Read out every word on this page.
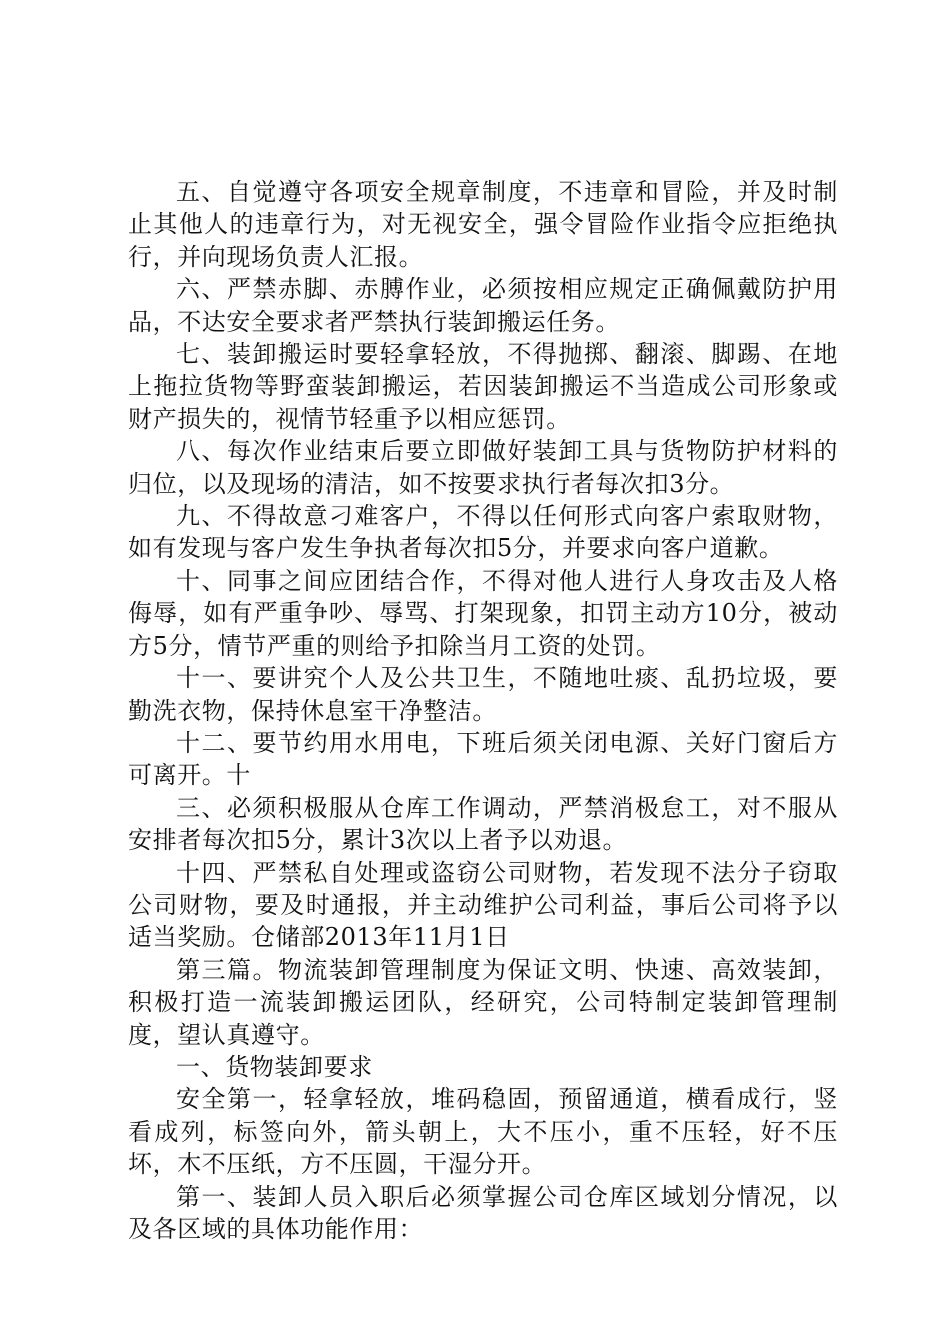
五、自觉遵守各项安全规章制度，不违章和冒险，并及时制止其他人的违章行为，对无视安全，强令冒险作业指令应拒绝执行，并向现场负责人汇报。

六、严禁赤脚、赤膊作业，必须按相应规定正确佩戴防护用品，不达安全要求者严禁执行装卸搬运任务。

七、装卸搬运时要轻拿轻放，不得抛掷、翻滚、脚踢、在地上拖拉货物等野蛮装卸搬运，若因装卸搬运不当造成公司形象或财产损失的，视情节轻重予以相应惩罚。

八、每次作业结束后要立即做好装卸工具与货物防护材料的归位，以及现场的清洁，如不按要求执行者每次扣3分。

九、不得故意刁难客户，不得以任何形式向客户索取财物，如有发现与客户发生争执者每次扣5分，并要求向客户道歉。

十、同事之间应团结合作，不得对他人进行人身攻击及人格侮辱，如有严重争吵、辱骂、打架现象，扣罚主动方10分，被动方5分，情节严重的则给予扣除当月工资的处罚。

十一、要讲究个人及公共卫生，不随地吐痰、乱扔垃圾，要勤洗衣物，保持休息室干净整洁。

十二、要节约用水用电，下班后须关闭电源、关好门窗后方可离开。十

三、必须积极服从仓库工作调动，严禁消极怠工，对不服从安排者每次扣5分，累计3次以上者予以劝退。

十四、严禁私自处理或盗窃公司财物，若发现不法分子窃取公司财物，要及时通报，并主动维护公司利益，事后公司将予以适当奖励。仓储部2013年11月1日

第三篇。物流装卸管理制度为保证文明、快速、高效装卸，积极打造一流装卸搬运团队，经研究，公司特制定装卸管理制度，望认真遵守。

一、货物装卸要求

安全第一，轻拿轻放，堆码稳固，预留通道，横看成行，竖看成列，标签向外，箭头朝上，大不压小，重不压轻，好不压坏，木不压纸，方不压圆，干湿分开。

第一、装卸人员入职后必须掌握公司仓库区域划分情况，以及各区域的具体功能作用：
